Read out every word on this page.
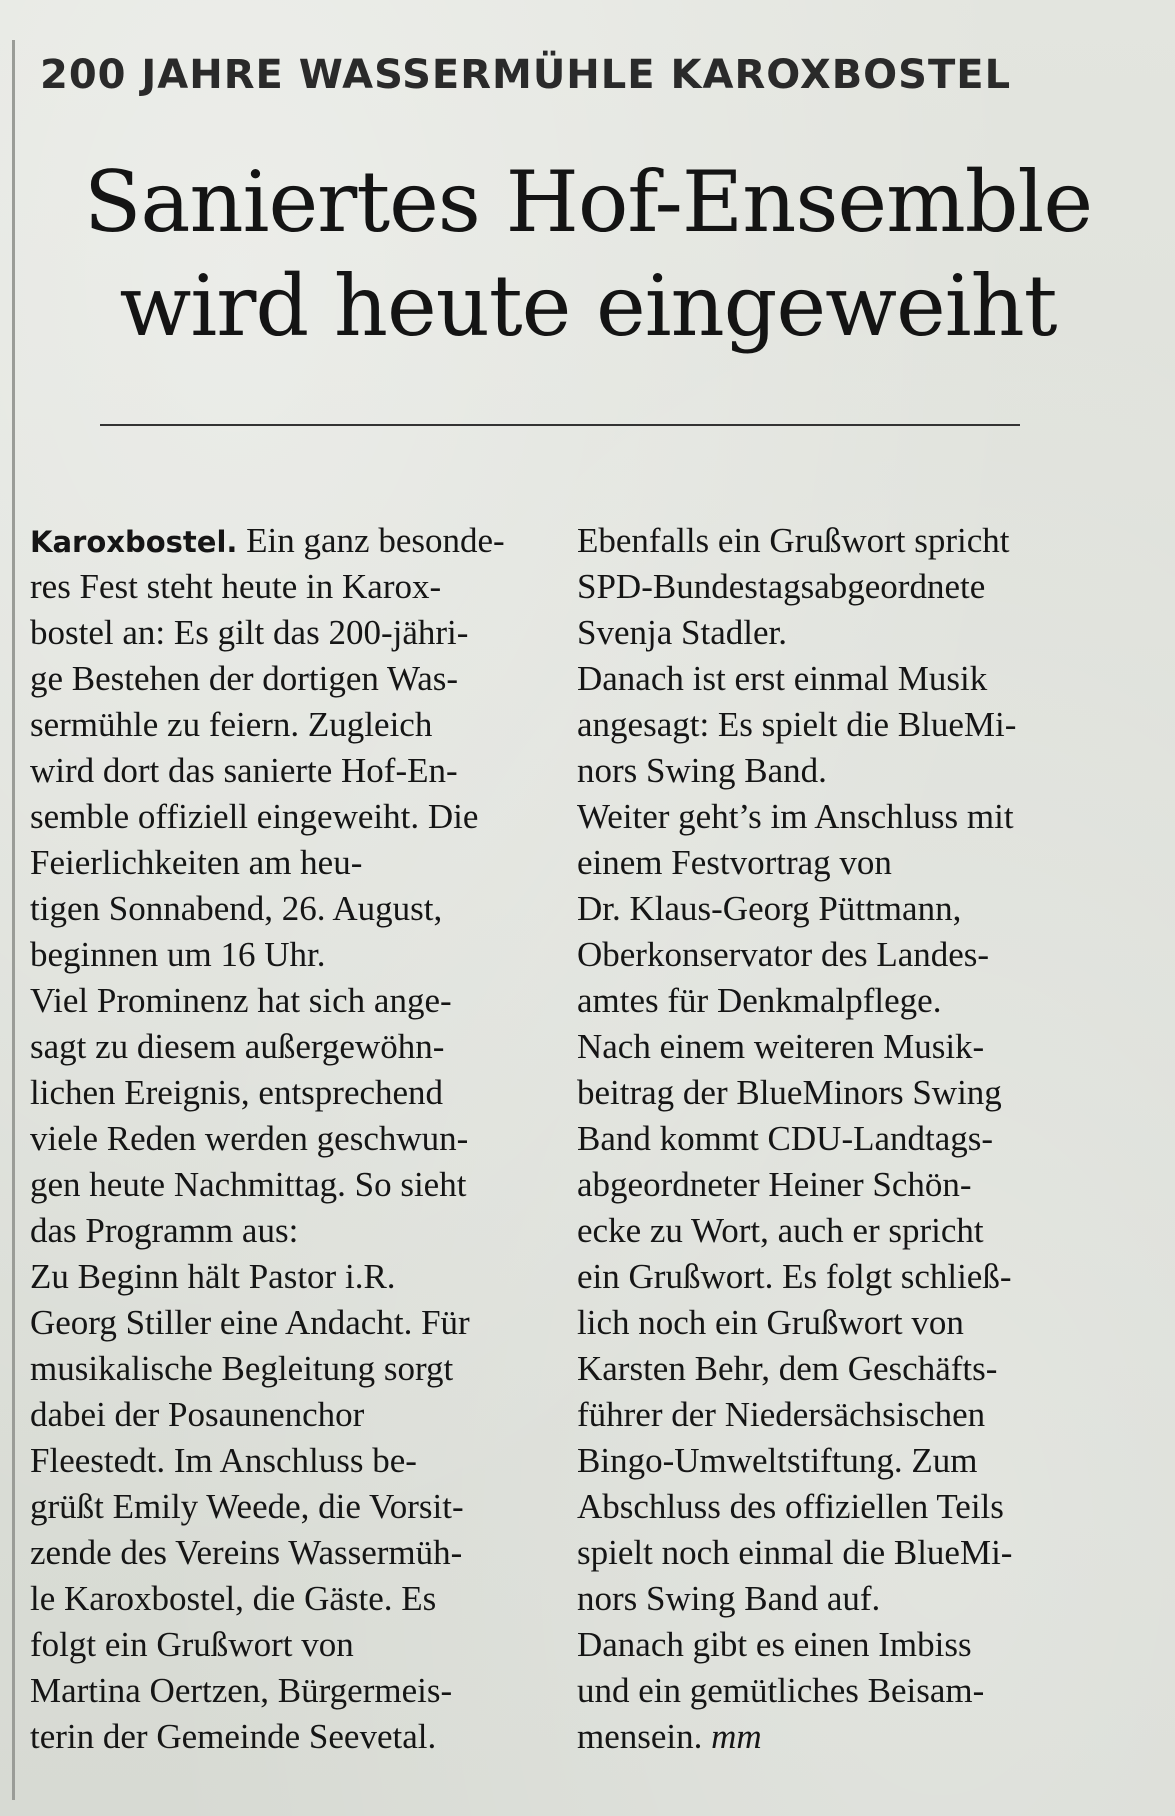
200 JAHRE WASSERMÜHLE KAROXBOSTEL
Saniertes Hof-Ensemble
wird heute eingeweiht
Karoxbostel. Ein ganz besonde-
res Fest steht heute in Karox-
bostel an: Es gilt das 200-jähri-
ge Bestehen der dortigen Was-
sermühle zu feiern. Zugleich
wird dort das sanierte Hof-En-
semble offiziell eingeweiht. Die
Feierlichkeiten am heu-
tigen Sonnabend, 26. August,
beginnen um 16 Uhr.
Viel Prominenz hat sich ange-
sagt zu diesem außergewöhn-
lichen Ereignis, entsprechend
viele Reden werden geschwun-
gen heute Nachmittag. So sieht
das Programm aus:
Zu Beginn hält Pastor i.R.
Georg Stiller eine Andacht. Für
musikalische Begleitung sorgt
dabei der Posaunenchor
Fleestedt. Im Anschluss be-
grüßt Emily Weede, die Vorsit-
zende des Vereins Wassermüh-
le Karoxbostel, die Gäste. Es
folgt ein Grußwort von
Martina Oertzen, Bürgermeis-
terin der Gemeinde Seevetal.
Ebenfalls ein Grußwort spricht
SPD-Bundestagsabgeordnete
Svenja Stadler.
Danach ist erst einmal Musik
angesagt: Es spielt die BlueMi-
nors Swing Band.
Weiter geht’s im Anschluss mit
einem Festvortrag von
Dr. Klaus-Georg Püttmann,
Oberkonservator des Landes-
amtes für Denkmalpflege.
Nach einem weiteren Musik-
beitrag der BlueMinors Swing
Band kommt CDU-Landtags-
abgeordneter Heiner Schön-
ecke zu Wort, auch er spricht
ein Grußwort. Es folgt schließ-
lich noch ein Grußwort von
Karsten Behr, dem Geschäfts-
führer der Niedersächsischen
Bingo-Umweltstiftung. Zum
Abschluss des offiziellen Teils
spielt noch einmal die BlueMi-
nors Swing Band auf.
Danach gibt es einen Imbiss
und ein gemütliches Beisam-
mensein. mm
